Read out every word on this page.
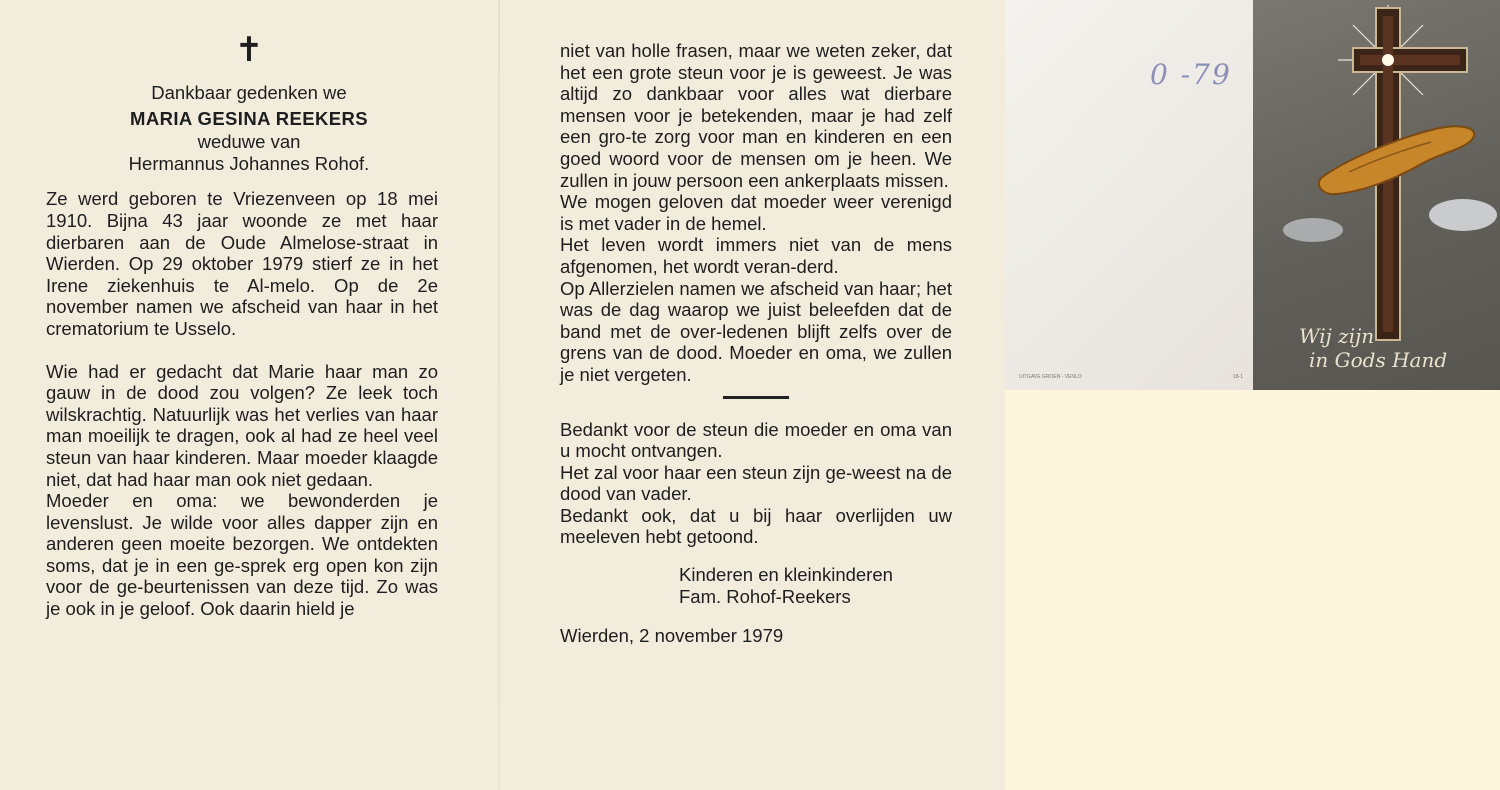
✝
Dankbaar gedenken we
MARIA GESINA REEKERS
weduwe van
Hermannus Johannes Rohof.

Ze werd geboren te Vriezenveen op 18 mei 1910. Bijna 43 jaar woonde ze met haar dierbaren aan de Oude Almelose-straat in Wierden. Op 29 oktober 1979 stierf ze in het Irene ziekenhuis te Al-melo. Op de 2e november namen we afscheid van haar in het crematorium te Usselo.

Wie had er gedacht dat Marie haar man zo gauw in de dood zou volgen? Ze leek toch wilskrachtig. Natuurlijk was het verlies van haar man moeilijk te dragen, ook al had ze heel veel steun van haar kinderen. Maar moeder klaagde niet, dat had haar man ook niet gedaan.

Moeder en oma: we bewonderden je levenslust. Je wilde voor alles dapper zijn en anderen geen moeite bezorgen. We ontdekten soms, dat je in een ge-sprek erg open kon zijn voor de ge-beurtenissen van deze tijd. Zo was je ook in je geloof. Ook daarin hield je

niet van holle frasen, maar we weten zeker, dat het een grote steun voor je is geweest. Je was altijd zo dankbaar voor alles wat dierbare mensen voor je betekenden, maar je had zelf een gro-te zorg voor man en kinderen en een goed woord voor de mensen om je heen. We zullen in jouw persoon een ankerplaats missen.

We mogen geloven dat moeder weer verenigd is met vader in de hemel.

Het leven wordt immers niet van de mens afgenomen, het wordt veran-derd.

Op Allerzielen namen we afscheid van haar; het was de dag waarop we juist beleefden dat de band met de over-ledenen blijft zelfs over de grens van de dood. Moeder en oma, we zullen je niet vergeten.

Bedankt voor de steun die moeder en oma van u mocht ontvangen.

Het zal voor haar een steun zijn ge-weest na de dood van vader.

Bedankt ook, dat u bij haar overlijden uw meeleven hebt getoond.

Kinderen en kleinkinderen
Fam. Rohof-Reekers
Wierden, 2 november 1979
0 -79
UITGAVE GROEN - VENLO	18-1
Wij zijn
in Gods Hand
